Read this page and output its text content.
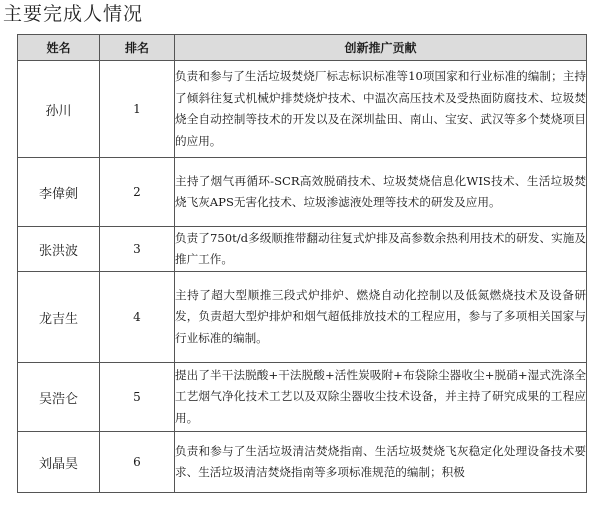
主要完成人情况
姓名	排名	创新推广贡献
孙川	1	负责和参与了生活垃圾焚烧厂标志标识标准等10项国家和行业标准的编制；主持了倾斜往复式机械炉排焚烧炉技术、中温次高压技术及受热面防腐技术、垃圾焚烧全自动控制等技术的开发以及在深圳盐田、南山、宝安、武汉等多个焚烧项目的应用。
李偉剣	2	主持了烟气再循环-SCR高效脱硝技术、垃圾焚烧信息化WIS技术、生活垃圾焚烧飞灰APS无害化技术、垃圾渗滤液处理等技术的研发及应用。
张洪波	3	负责了750t/d多级顺推带翻动往复式炉排及高参数余热利用技术的研发、实施及推广工作。
龙吉生	4	主持了超大型顺推三段式炉排炉、燃烧自动化控制以及低氮燃烧技术及设备研发，负责超大型炉排炉和烟气超低排放技术的工程应用，参与了多项相关国家与行业标准的编制。
吴浩仑	5	提出了半干法脱酸+干法脱酸+活性炭吸附+布袋除尘器收尘+脱硝+湿式洗涤全工艺烟气净化技术工艺以及双除尘器收尘技术设备，并主持了研究成果的工程应用。
刘晶昊	6	负责和参与了生活垃圾清洁焚烧指南、生活垃圾焚烧飞灰稳定化处理设备技术要求、生活垃圾清洁焚烧指南等多项标准规范的编制；积极
